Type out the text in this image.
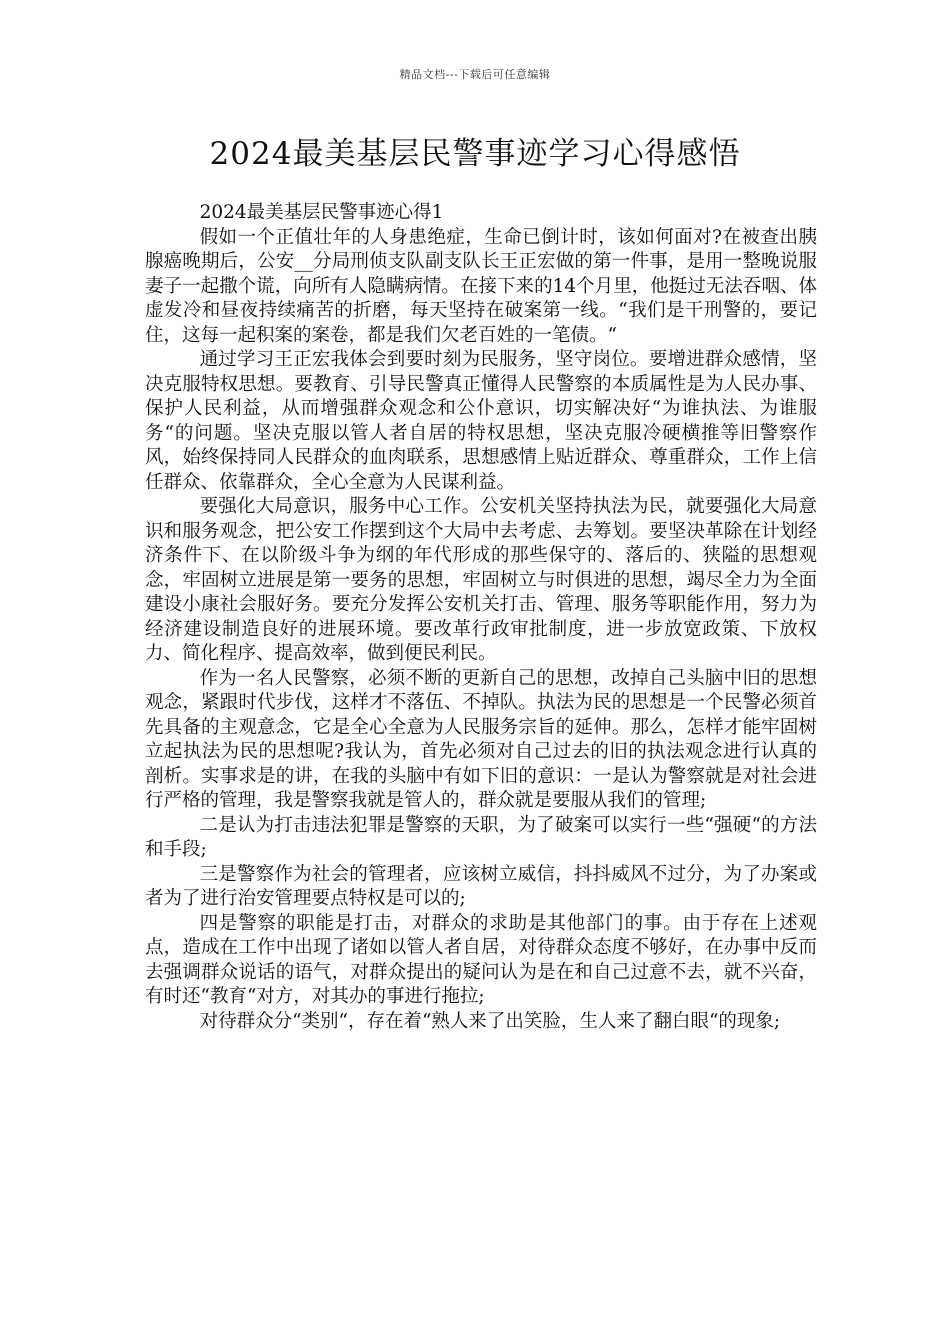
精品文档---下载后可任意编辑
2024最美基层民警事迹学习心得感悟

2024最美基层民警事迹心得1

假如一个正值壮年的人身患绝症，生命已倒计时，该如何面对?在被查出胰腺癌晚期后，公安__分局刑侦支队副支队长王正宏做的第一件事，是用一整晚说服妻子一起撒个谎，向所有人隐瞒病情。在接下来的14个月里，他挺过无法吞咽、体虚发冷和昼夜持续痛苦的折磨，每天坚持在破案第一线。“我们是干刑警的，要记住，这每一起积案的案卷，都是我们欠老百姓的一笔债。“

通过学习王正宏我体会到要时刻为民服务，坚守岗位。要增进群众感情，坚决克服特权思想。要教育、引导民警真正懂得人民警察的本质属性是为人民办事、保护人民利益，从而增强群众观念和公仆意识，切实解决好“为谁执法、为谁服务“的问题。坚决克服以管人者自居的特权思想，坚决克服冷硬横推等旧警察作风，始终保持同人民群众的血肉联系，思想感情上贴近群众、尊重群众，工作上信任群众、依靠群众，全心全意为人民谋利益。

要强化大局意识，服务中心工作。公安机关坚持执法为民，就要强化大局意识和服务观念，把公安工作摆到这个大局中去考虑、去筹划。要坚决革除在计划经济条件下、在以阶级斗争为纲的年代形成的那些保守的、落后的、狭隘的思想观念，牢固树立进展是第一要务的思想，牢固树立与时俱进的思想，竭尽全力为全面建设小康社会服好务。要充分发挥公安机关打击、管理、服务等职能作用，努力为经济建设制造良好的进展环境。要改革行政审批制度，进一步放宽政策、下放权力、简化程序、提高效率，做到便民利民。

作为一名人民警察，必须不断的更新自己的思想，改掉自己头脑中旧的思想观念，紧跟时代步伐，这样才不落伍、不掉队。执法为民的思想是一个民警必须首先具备的主观意念，它是全心全意为人民服务宗旨的延伸。那么，怎样才能牢固树立起执法为民的思想呢?我认为，首先必须对自己过去的旧的执法观念进行认真的剖析。实事求是的讲，在我的头脑中有如下旧的意识：一是认为警察就是对社会进行严格的管理，我是警察我就是管人的，群众就是要服从我们的管理;

二是认为打击违法犯罪是警察的天职，为了破案可以实行一些“强硬“的方法和手段;

三是警察作为社会的管理者，应该树立威信，抖抖威风不过分，为了办案或者为了进行治安管理要点特权是可以的;

四是警察的职能是打击，对群众的求助是其他部门的事。由于存在上述观点，造成在工作中出现了诸如以管人者自居，对待群众态度不够好，在办事中反而去强调群众说话的语气，对群众提出的疑问认为是在和自己过意不去，就不兴奋，有时还“教育“对方，对其办的事进行拖拉;

对待群众分“类别“，存在着“熟人来了出笑脸，生人来了翻白眼“的现象;
